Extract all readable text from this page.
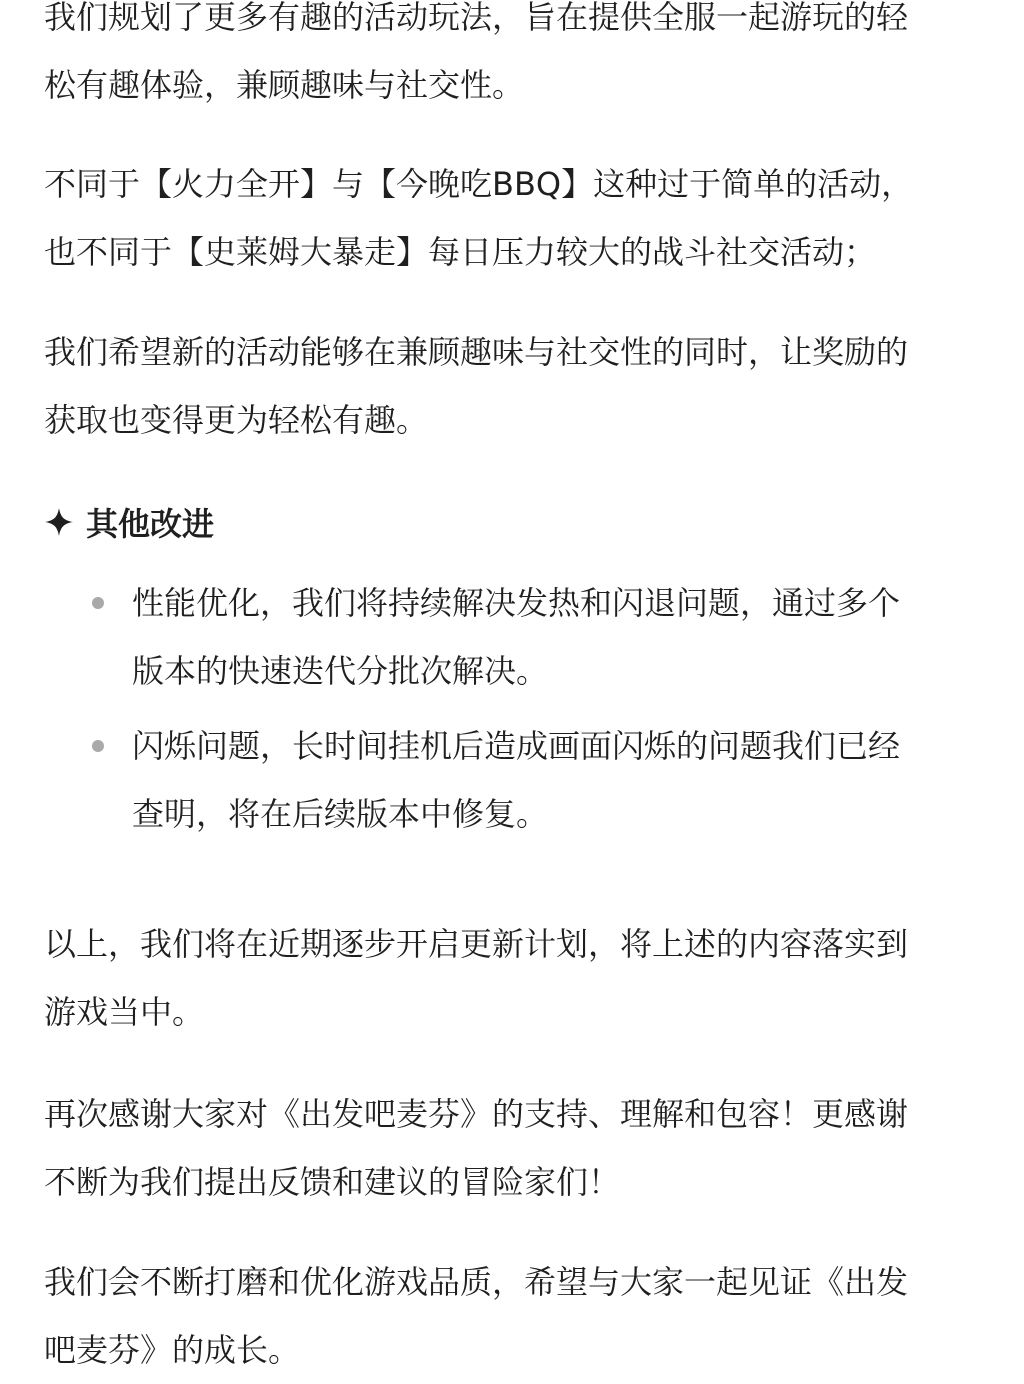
我们规划了更多有趣的活动玩法，旨在提供全服一起游玩的轻
松有趣体验，兼顾趣味与社交性。

不同于【火力全开】与【今晚吃BBQ】这种过于简单的活动，
也不同于【史莱姆大暴走】每日压力较大的战斗社交活动；

我们希望新的活动能够在兼顾趣味与社交性的同时，让奖励的
获取也变得更为轻松有趣。

其他改进
性能优化，我们将持续解决发热和闪退问题，通过多个
版本的快速迭代分批次解决。
闪烁问题，长时间挂机后造成画面闪烁的问题我们已经
查明，将在后续版本中修复。

以上，我们将在近期逐步开启更新计划，将上述的内容落实到
游戏当中。

再次感谢大家对《出发吧麦芬》的支持、理解和包容！更感谢
不断为我们提出反馈和建议的冒险家们！

我们会不断打磨和优化游戏品质，希望与大家一起见证《出发
吧麦芬》的成长。
